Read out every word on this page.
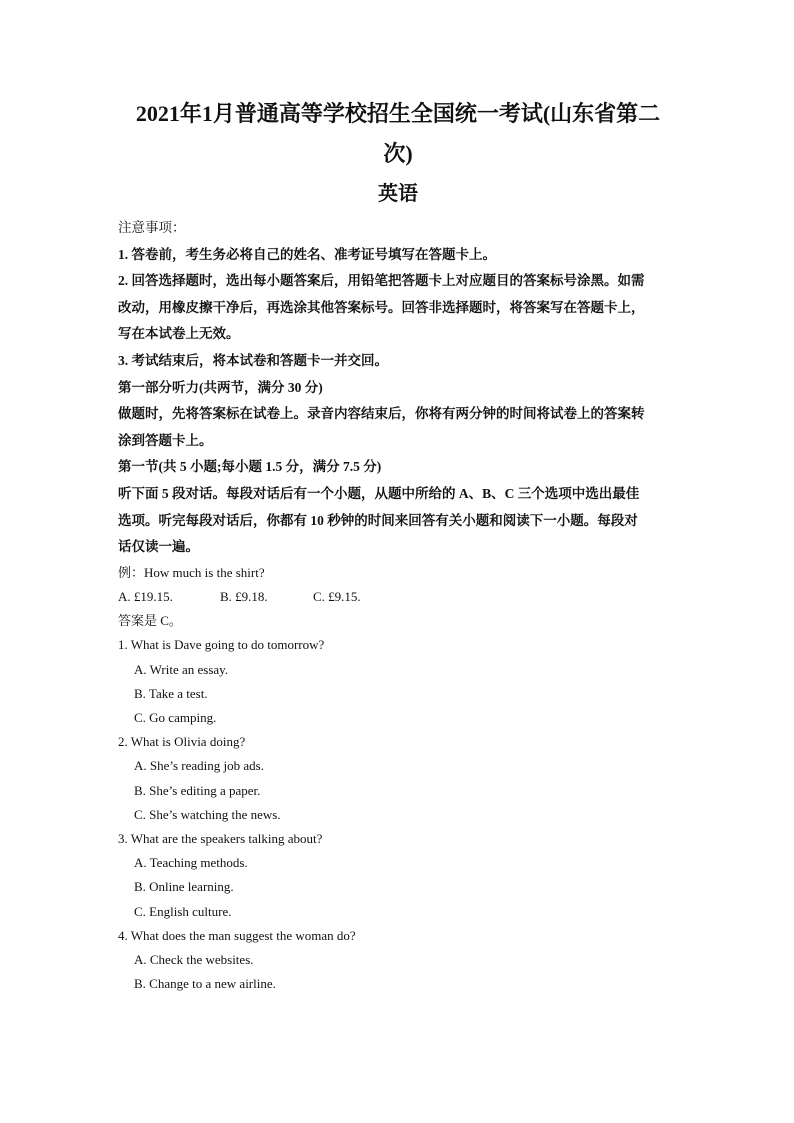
2021年1月普通高等学校招生全国统一考试(山东省第二
次)
英语

注意事项：

1. 答卷前，考生务必将自己的姓名、准考证号填写在答题卡上。

2. 回答选择题时，选出每小题答案后，用铅笔把答题卡上对应题目的答案标号涂黑。如需

改动，用橡皮擦干净后，再选涂其他答案标号。回答非选择题时，将答案写在答题卡上，

写在本试卷上无效。

3. 考试结束后，将本试卷和答题卡一并交回。

第一部分听力(共两节，满分 30 分)

做题时，先将答案标在试卷上。录音内容结束后，你将有两分钟的时间将试卷上的答案转

涂到答题卡上。

第一节(共 5 小题;每小题 1.5 分，满分 7.5 分)

听下面 5 段对话。每段对话后有一个小题，从题中所给的 A、B、C 三个选项中选出最佳

选项。听完每段对话后，你都有 10 秒钟的时间来回答有关小题和阅读下一小题。每段对

话仅读一遍。

例：How much is the shirt?

A. £19.15.	B. £9.18.	C. £9.15.

答案是 C。

1. What is Dave going to do tomorrow?

A. Write an essay.

B. Take a test.

C. Go camping.

2. What is Olivia doing?

A. She’s reading job ads.

B. She’s editing a paper.

C. She’s watching the news.

3. What are the speakers talking about?

A. Teaching methods.

B. Online learning.

C. English culture.

4. What does the man suggest the woman do?

A. Check the websites.

B. Change to a new airline.
